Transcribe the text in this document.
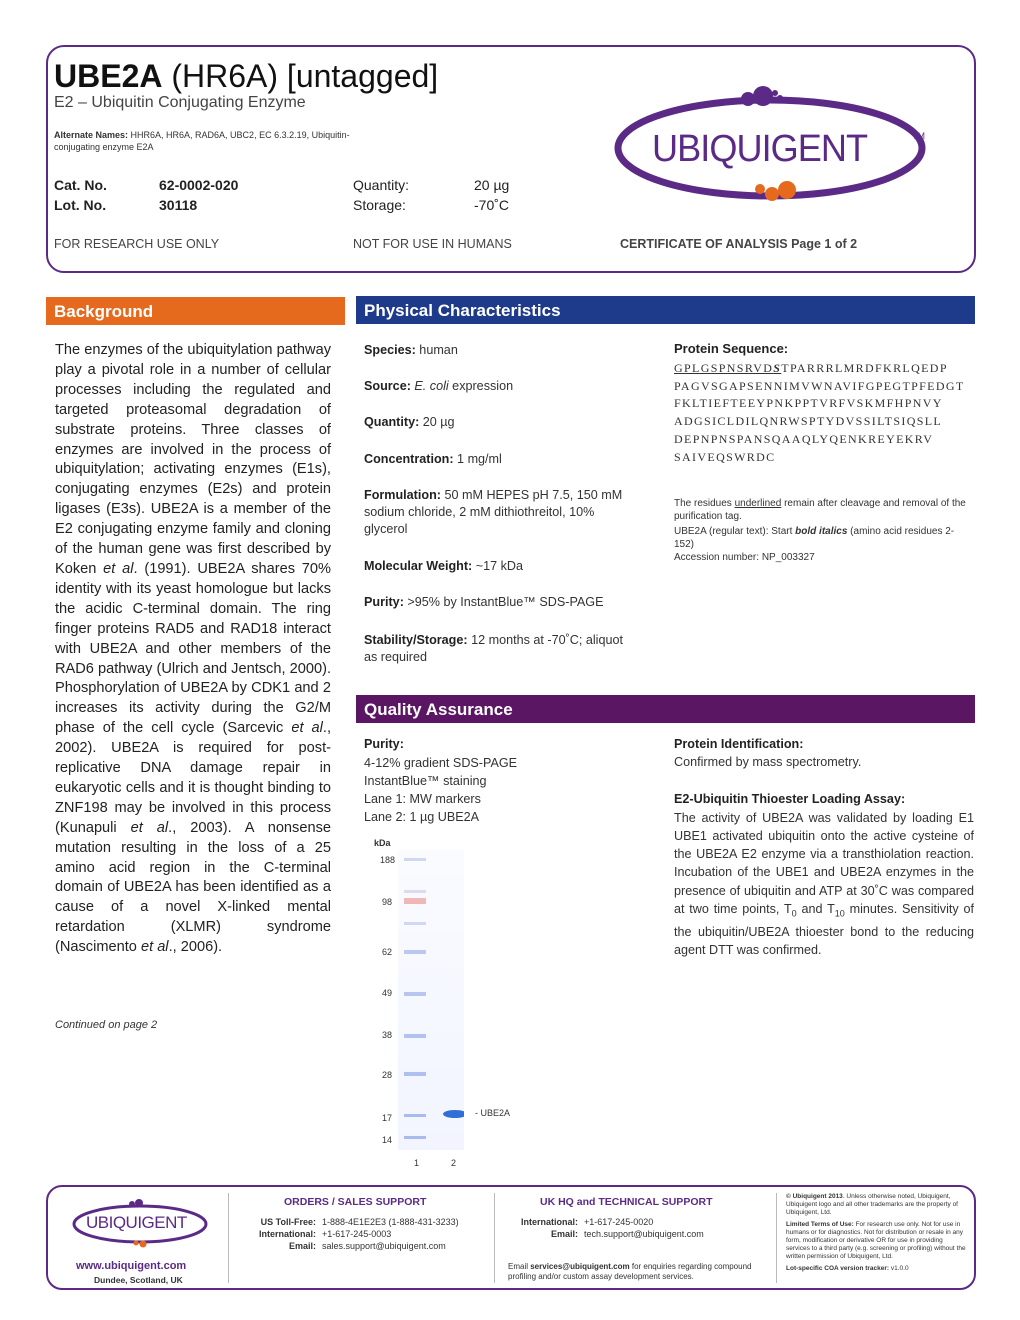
UBE2A (HR6A) [untagged]
E2 – Ubiquitin Conjugating Enzyme
Alternate Names: HHR6A, HR6A, RAD6A, UBC2, EC 6.3.2.19, Ubiquitin-conjugating enzyme E2A
Cat. No.	62-0002-020
Lot. No.	30118
Quantity:	20 µg
Storage:	-70˚C
FOR RESEARCH USE ONLY	NOT FOR USE IN HUMANS	CERTIFICATE OF ANALYSIS Page 1 of 2
UBIQUIGENT	TM
Background	Physical Characteristics
Quality Assurance
The enzymes of the ubiquitylation pathway play a pivotal role in a number of cellular processes including the regulated and targeted proteasomal degradation of substrate proteins. Three classes of enzymes are involved in the process of ubiquitylation; activating enzymes (E1s), conjugating enzymes (E2s) and protein ligases (E3s). UBE2A is a member of the E2 conjugating enzyme family and cloning of the human gene was first described by Koken et al. (1991). UBE2A shares 70% identity with its yeast homologue but lacks the acidic C-terminal domain. The ring finger proteins RAD5 and RAD18 interact with UBE2A and other members of the RAD6 pathway (Ulrich and Jentsch, 2000). Phosphorylation of UBE2A by CDK1 and 2 increases its activity during the G2/M phase of the cell cycle (Sarcevic et al., 2002). UBE2A is required for post-replicative DNA damage repair in eukaryotic cells and it is thought binding to ZNF198 may be involved in this process (Kunapuli et al., 2003). A nonsense mutation resulting in the loss of a 25 amino acid region in the C-terminal domain of UBE2A has been identified as a cause of a novel X-linked mental retardation (XLMR) syndrome (Nascimento et al., 2006).
Continued on page 2
Species: human
Source: E. coli expression
Quantity: 20 µg
Concentration: 1 mg/ml
Formulation: 50 mM HEPES pH 7.5, 150 mM sodium chloride, 2 mM dithiothreitol, 10% glycerol
Molecular Weight: ~17 kDa
Purity: >95% by InstantBlue™ SDS-PAGE
Stability/Storage: 12 months at -70˚C; aliquot as required
Protein Sequence:
GPLGSPNSRVDSTPARRRLMRDFKRLQEDP
PAGVSGAPSENNIMVWNAVIFGPEGTPFEDGT
FKLTIEFTEEYPNKPPTVRFVSKMFHPNVY
ADGSICLDILQNRWSPTYDVSSILTSIQSLL
DEPNPNSPANSQAAQLYQENKREYEKRV
SAIVEQSWRDC
The residues underlined remain after cleavage and removal of the purification tag.
UBE2A (regular text): Start bold italics (amino acid residues 2-152)
Accession number: NP_003327
Purity:
4-12% gradient SDS-PAGE
InstantBlue™ staining
Lane 1: MW markers
Lane 2: 1 µg UBE2A
Protein Identification:
Confirmed by mass spectrometry.
E2-Ubiquitin Thioester Loading Assay:
The activity of UBE2A was validated by loading E1 UBE1 activated ubiquitin onto the active cysteine of the UBE2A E2 enzyme via a transthiolation reaction. Incubation of the UBE1 and UBE2A enzymes in the presence of ubiquitin and ATP at 30˚C was compared at two time points, $T_0$ and $T_{10}$ minutes. Sensitivity of the ubiquitin/UBE2A thioester bond to the reducing agent DTT was confirmed.
kDa
188
98
62
49
38
28
17
14
- UBE2A
1	2
UBIQUIGENT
www.ubiquigent.com
Dundee, Scotland, UK
ORDERS / SALES SUPPORT
US Toll-Free: 1-888-4E1E2E3 (1-888-431-3233)
International: +1-617-245-0003
Email: sales.support@ubiquigent.com
UK HQ and TECHNICAL SUPPORT
International: +1-617-245-0020
Email: tech.support@ubiquigent.com
Email services@ubiquigent.com for enquiries regarding compound profiling and/or custom assay development services.
© Ubiquigent 2013. Unless otherwise noted, Ubiquigent, Ubiquigent logo and all other trademarks are the property of Ubiquigent, Ltd.
Limited Terms of Use: For research use only. Not for use in humans or for diagnostics. Not for distribution or resale in any form, modification or derivative OR for use in providing services to a third party (e.g. screening or profiling) without the written permission of Ubiquigent, Ltd.
Lot-specific COA version tracker: v1.0.0
